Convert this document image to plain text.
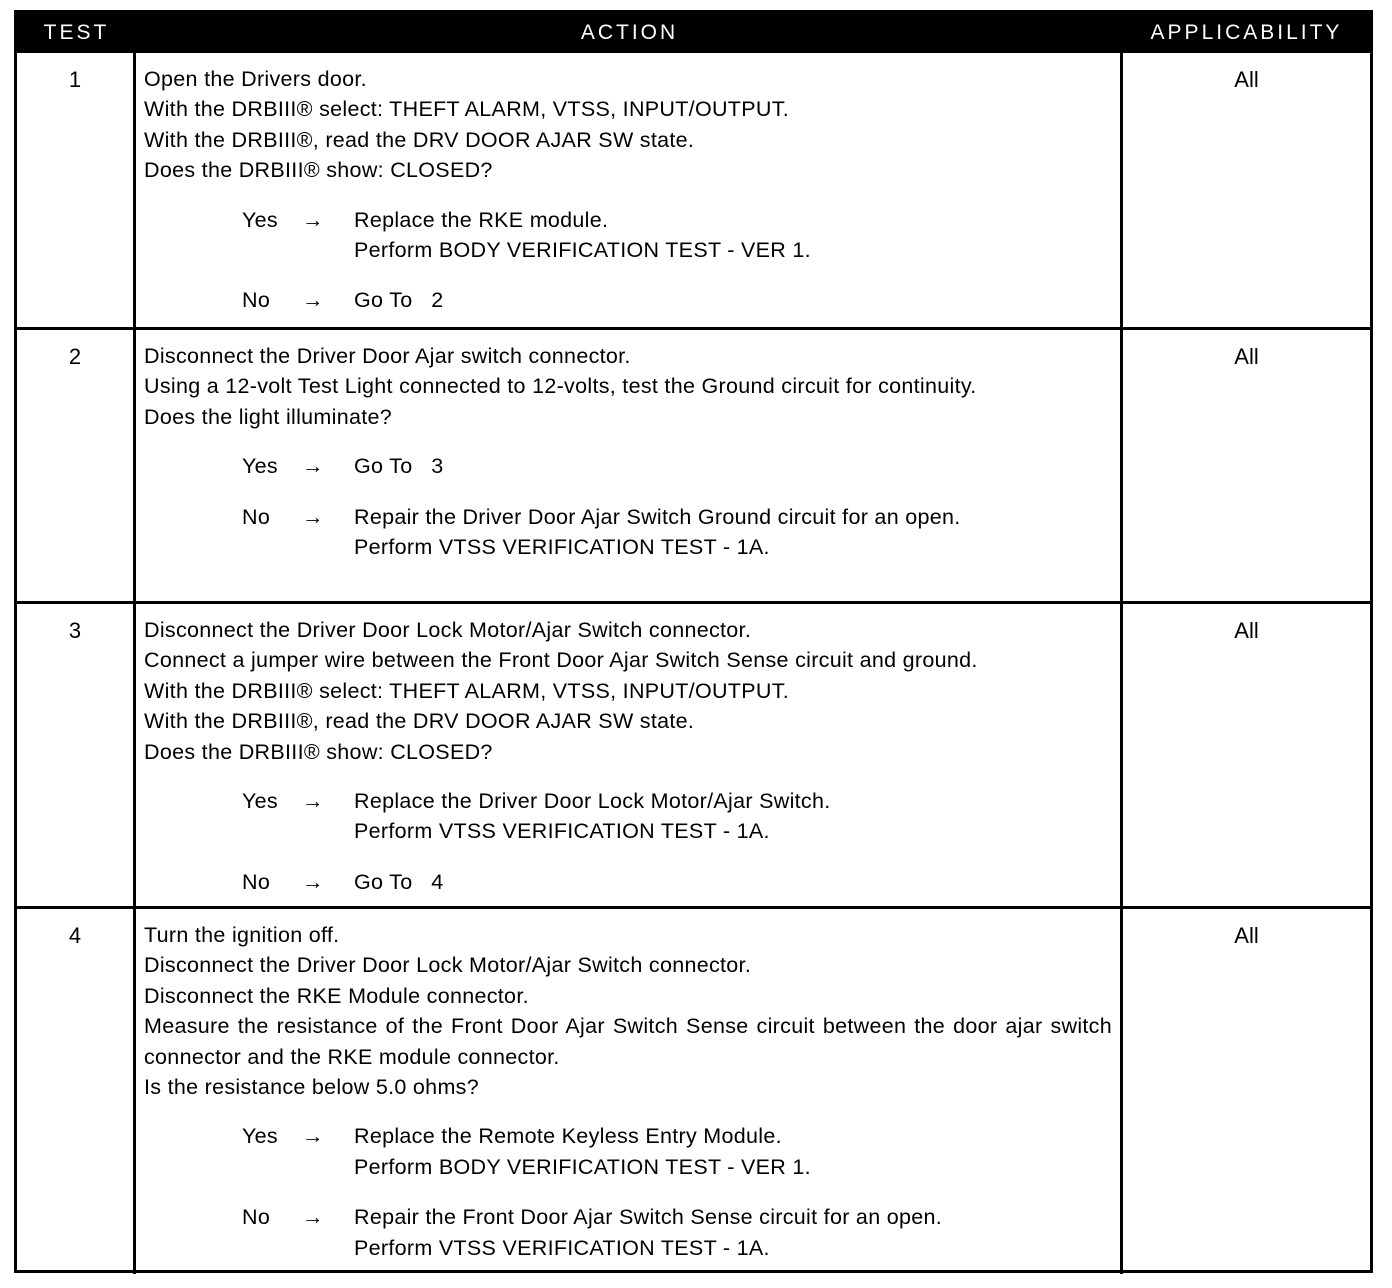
TEST	ACTION	APPLICABILITY
1	Open the Drivers door.
With the DRBIII® select: THEFT ALARM, VTSS, INPUT/OUTPUT.
With the DRBIII®, read the DRV DOOR AJAR SW state.
Does the DRBIII® show: CLOSED?
Yes	→	Replace the RKE module.
Perform BODY VERIFICATION TEST - VER 1.
No	→	Go To   2
All
2	Disconnect the Driver Door Ajar switch connector.
Using a 12-volt Test Light connected to 12-volts, test the Ground circuit for continuity.
Does the light illuminate?
Yes	→	Go To   3
No	→	Repair the Driver Door Ajar Switch Ground circuit for an open.
Perform VTSS VERIFICATION TEST - 1A.
All
3	Disconnect the Driver Door Lock Motor/Ajar Switch connector.
Connect a jumper wire between the Front Door Ajar Switch Sense circuit and ground.
With the DRBIII® select: THEFT ALARM, VTSS, INPUT/OUTPUT.
With the DRBIII®, read the DRV DOOR AJAR SW state.
Does the DRBIII® show: CLOSED?
Yes	→	Replace the Driver Door Lock Motor/Ajar Switch.
Perform VTSS VERIFICATION TEST - 1A.
No	→	Go To   4
All
4	Turn the ignition off.
Disconnect the Driver Door Lock Motor/Ajar Switch connector.
Disconnect the RKE Module connector.
Measure the resistance of the Front Door Ajar Switch Sense circuit between the door ajar switch connector and the RKE module connector.
Is the resistance below 5.0 ohms?
Yes	→	Replace the Remote Keyless Entry Module.
Perform BODY VERIFICATION TEST - VER 1.
No	→	Repair the Front Door Ajar Switch Sense circuit for an open.
Perform VTSS VERIFICATION TEST - 1A.
All
